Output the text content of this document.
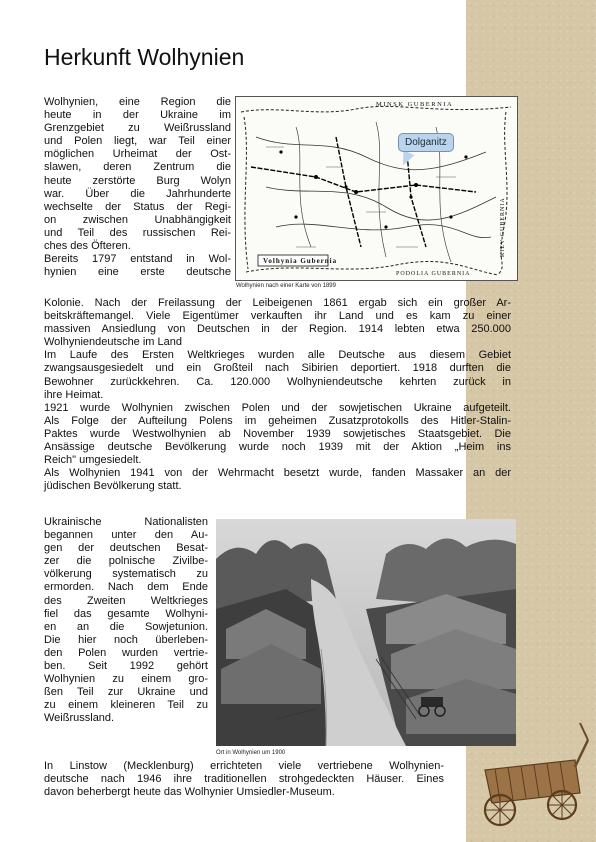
Herkunft Wolhynien
Wolhynien, eine Region die
heute in der Ukraine im
Grenzgebiet zu Weißrussland
und Polen liegt, war Teil einer
möglichen Urheimat der Ost-
slawen, deren Zentrum die
heute zerstörte Burg Wolyn
war. Über die Jahrhunderte
wechselte der Status der Regi-
on zwischen Unabhängigkeit
und Teil des russischen Rei-
ches des Öfteren.
Bereits 1797 entstand in Wol-
hynien eine erste deutsche
MINSK GUBERNIA
Volhynia Gubernia
PODOLIA GUBERNIA
KIEV GUBERNIA
Wolhynien nach einer Karte von 1899
Dolganitz
Kolonie. Nach der Freilassung der Leibeigenen 1861 ergab sich ein großer Ar-
beitskräftemangel. Viele Eigentümer verkauften ihr Land und es kam zu einer
massiven Ansiedlung von Deutschen in der Region. 1914 lebten etwa 250.000
Wolhyniendeutsche im Land
Im Laufe des Ersten Weltkrieges wurden alle Deutsche aus diesem Gebiet
zwangsausgesiedelt und ein Großteil nach Sibirien deportiert. 1918 durften die
Bewohner zurückkehren. Ca. 120.000 Wolhyniendeutsche kehrten zurück in
ihre Heimat.
1921 wurde Wolhynien zwischen Polen und der sowjetischen Ukraine aufgeteilt.
Als Folge der Aufteilung Polens im geheimen Zusatzprotokolls des Hitler-Stalin-
Paktes wurde Westwolhynien ab November 1939 sowjetisches Staatsgebiet. Die
Ansässige deutsche Bevölkerung wurde noch 1939 mit der Aktion „Heim ins
Reich" umgesiedelt.
Als Wolhynien 1941 von der Wehrmacht besetzt wurde, fanden Massaker an der
jüdischen Bevölkerung statt.
Ukrainische Nationalisten
begannen unter den Au-
gen der deutschen Besat-
zer die polnische Zivilbe-
völkerung systematisch zu
ermorden. Nach dem Ende
des Zweiten Weltkrieges
fiel das gesamte Wolhyni-
en an die Sowjetunion.
Die hier noch überleben-
den Polen wurden vertrie-
ben. Seit 1992 gehört
Wolhynien zu einem gro-
ßen Teil zur Ukraine und
zu einem kleineren Teil zu
Weißrussland.
Ort in Wolhynien um 1900
In Linstow (Mecklenburg) errichteten viele vertriebene Wolhynien-
deutsche nach 1946 ihre traditionellen strohgedeckten Häuser. Eines
davon beherbergt heute das Wolhynier Umsiedler-Museum.
